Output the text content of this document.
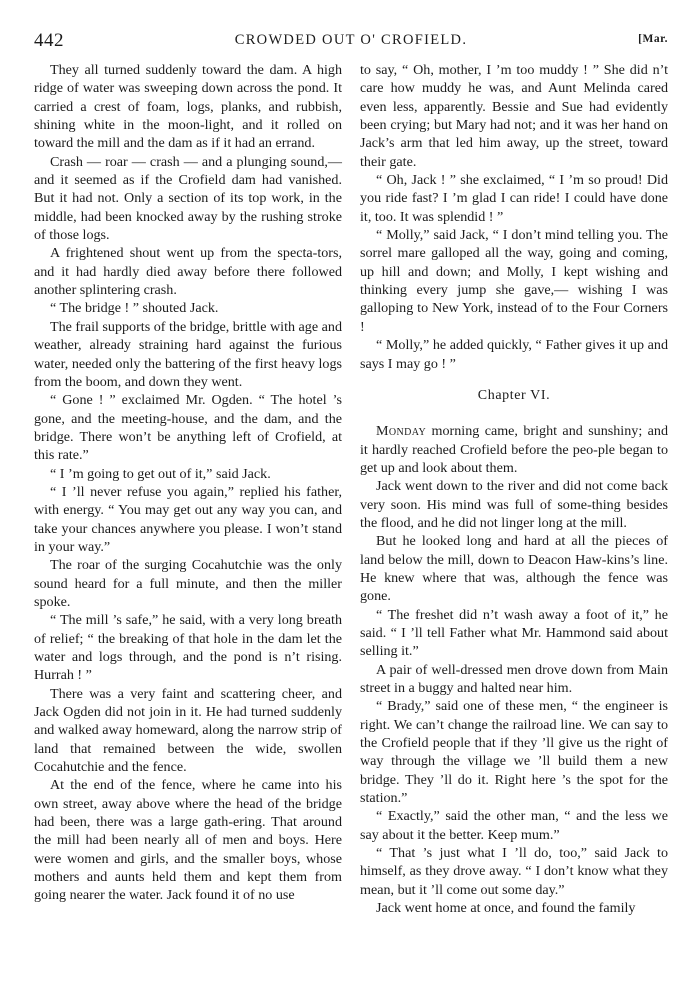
442	CROWDED OUT O' CROFIELD.	[Mar.

They all turned suddenly toward the dam. A high ridge of water was sweeping down across the pond. It carried a crest of foam, logs, planks, and rubbish, shining white in the moon-light, and it rolled on toward the mill and the dam as if it had an errand.

Crash — roar — crash — and a plunging sound,—and it seemed as if the Crofield dam had vanished. But it had not. Only a section of its top work, in the middle, had been knocked away by the rushing stroke of those logs.

A frightened shout went up from the specta-tors, and it had hardly died away before there followed another splintering crash.

“ The bridge ! ” shouted Jack.

The frail supports of the bridge, brittle with age and weather, already straining hard against the furious water, needed only the battering of the first heavy logs from the boom, and down they went.

“ Gone ! ” exclaimed Mr. Ogden. “ The hotel ’s gone, and the meeting-house, and the dam, and the bridge. There won’t be anything left of Crofield, at this rate.”

“ I ’m going to get out of it,” said Jack.

“ I ’ll never refuse you again,” replied his father, with energy. “ You may get out any way you can, and take your chances anywhere you please. I won’t stand in your way.”

The roar of the surging Cocahutchie was the only sound heard for a full minute, and then the miller spoke.

“ The mill ’s safe,” he said, with a very long breath of relief; “ the breaking of that hole in the dam let the water and logs through, and the pond is n’t rising. Hurrah ! ”

There was a very faint and scattering cheer, and Jack Ogden did not join in it. He had turned suddenly and walked away homeward, along the narrow strip of land that remained between the wide, swollen Cocahutchie and the fence.

At the end of the fence, where he came into his own street, away above where the head of the bridge had been, there was a large gath-ering. That around the mill had been nearly all of men and boys. Here were women and girls, and the smaller boys, whose mothers and aunts held them and kept them from going nearer the water. Jack found it of no use

to say, “ Oh, mother, I ’m too muddy ! ” She did n’t care how muddy he was, and Aunt Melinda cared even less, apparently. Bessie and Sue had evidently been crying; but Mary had not; and it was her hand on Jack’s arm that led him away, up the street, toward their gate.

“ Oh, Jack ! ” she exclaimed, “ I ’m so proud! Did you ride fast? I ’m glad I can ride! I could have done it, too. It was splendid ! ”

“ Molly,” said Jack, “ I don’t mind telling you. The sorrel mare galloped all the way, going and coming, up hill and down; and Molly, I kept wishing and thinking every jump she gave,— wishing I was galloping to New York, instead of to the Four Corners !

“ Molly,” he added quickly, “ Father gives it up and says I may go ! ”

Chapter VI.

Monday morning came, bright and sunshiny; and it hardly reached Crofield before the peo-ple began to get up and look about them.

Jack went down to the river and did not come back very soon. His mind was full of some-thing besides the flood, and he did not linger long at the mill.

But he looked long and hard at all the pieces of land below the mill, down to Deacon Haw-kins’s line. He knew where that was, although the fence was gone.

“ The freshet did n’t wash away a foot of it,” he said. “ I ’ll tell Father what Mr. Hammond said about selling it.”

A pair of well-dressed men drove down from Main street in a buggy and halted near him.

“ Brady,” said one of these men, “ the engineer is right. We can’t change the railroad line. We can say to the Crofield people that if they ’ll give us the right of way through the village we ’ll build them a new bridge. They ’ll do it. Right here ’s the spot for the station.”

“ Exactly,” said the other man, “ and the less we say about it the better. Keep mum.”

“ That ’s just what I ’ll do, too,” said Jack to himself, as they drove away. “ I don’t know what they mean, but it ’ll come out some day.”

Jack went home at once, and found the family
